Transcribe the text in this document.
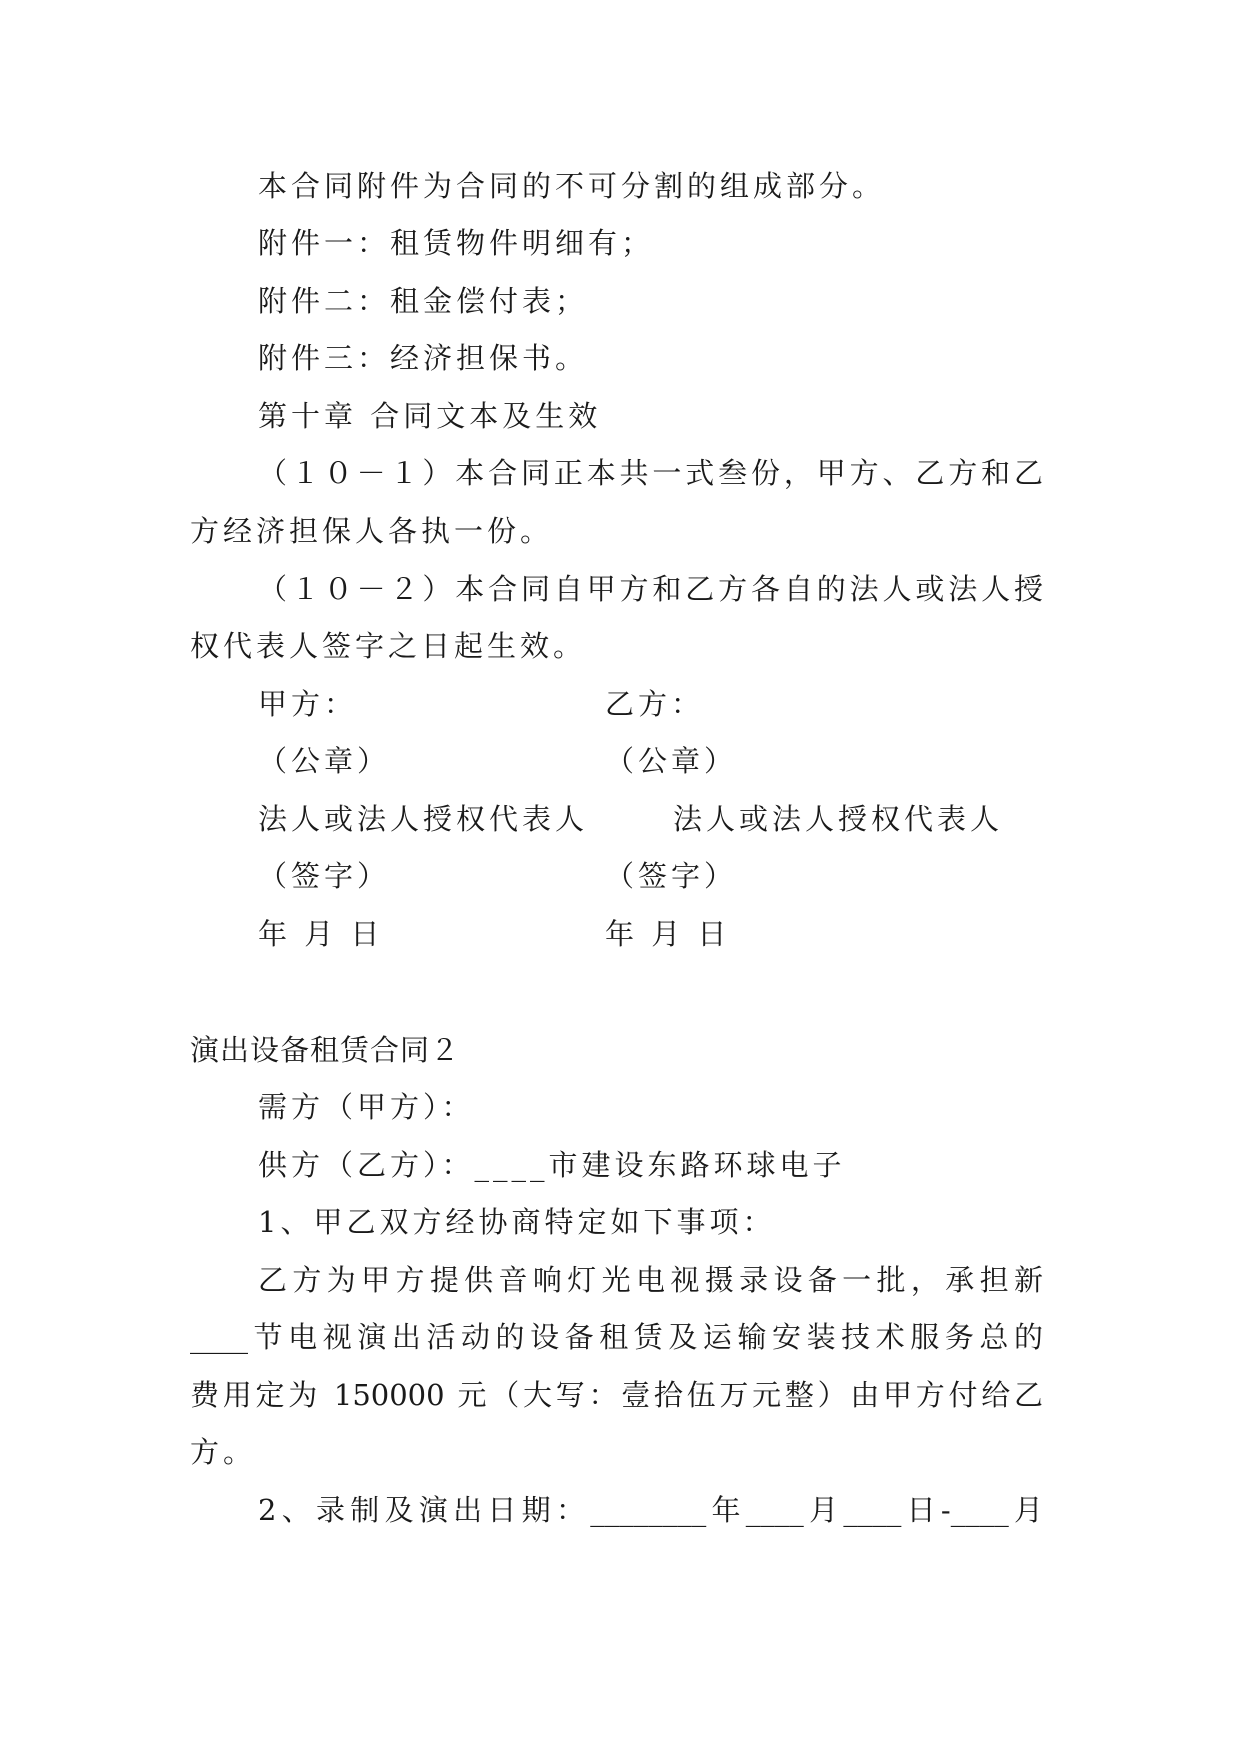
本合同附件为合同的不可分割的组成部分。
附件一：租赁物件明细有；
附件二：租金偿付表；
附件三：经济担保书。
第十章 合同文本及生效
（１０－１）本合同正本共一式叁份，甲方、乙方和乙
方经济担保人各执一份。
（１０－２）本合同自甲方和乙方各自的法人或法人授
权代表人签字之日起生效。
甲方：	乙方：
（公章）	（公章）
法人或法人授权代表人	法人或法人授权代表人
（签字）	（签字）
年 月 日	年 月 日
演出设备租赁合同２
需方（甲方）：
供方（乙方）：____市建设东路环球电子
1、甲乙双方经协商特定如下事项：
乙方为甲方提供音响灯光电视摄录设备一批，承担新
____节电视演出活动的设备租赁及运输安装技术服务总的
费用定为 150000 元（大写：壹拾伍万元整）由甲方付给乙
方。
2、录制及演出日期：________年____月____日-____月
